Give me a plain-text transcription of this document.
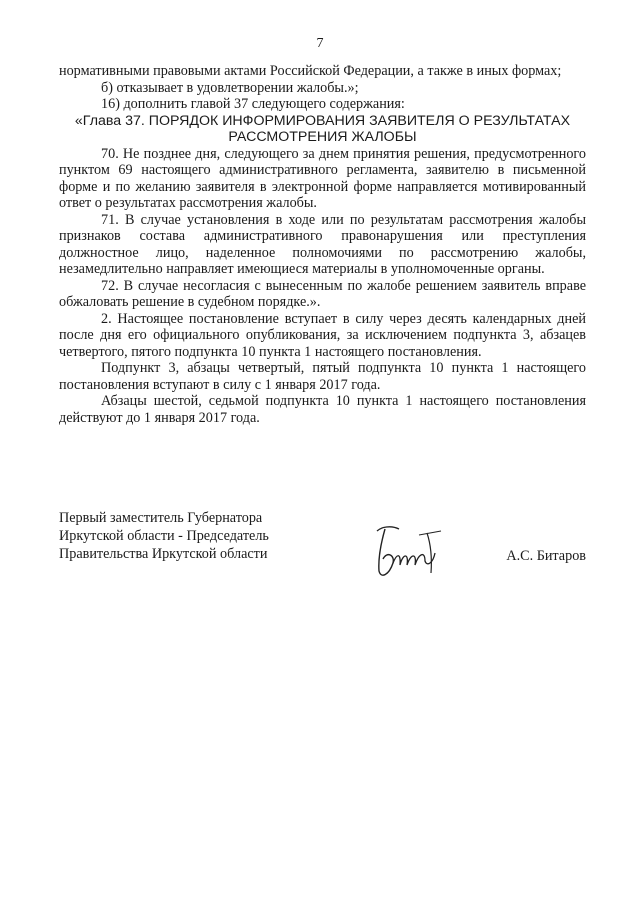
7

нормативными правовыми актами Российской Федерации, а также в иных формах;

б) отказывает в удовлетворении жалобы.»;

16) дополнить главой 37 следующего содержания:

«Глава 37. ПОРЯДОК ИНФОРМИРОВАНИЯ ЗАЯВИТЕЛЯ О РЕЗУЛЬТАТАХ РАССМОТРЕНИЯ ЖАЛОБЫ

70. Не позднее дня, следующего за днем принятия решения, предусмотренного пунктом 69 настоящего административного регламента, заявителю в письменной форме и по желанию заявителя в электронной форме направляется мотивированный ответ о результатах рассмотрения жалобы.

71. В случае установления в ходе или по результатам рассмотрения жалобы признаков состава административного правонарушения или преступления должностное лицо, наделенное полномочиями по рассмотрению жалобы, незамедлительно направляет имеющиеся материалы в уполномоченные органы.

72. В случае несогласия с вынесенным по жалобе решением заявитель вправе обжаловать решение в судебном порядке.».

2. Настоящее постановление вступает в силу через десять календарных дней после дня его официального опубликования, за исключением подпункта 3, абзацев четвертого, пятого подпункта 10 пункта 1 настоящего постановления.

Подпункт 3, абзацы четвертый, пятый подпункта 10 пункта 1 настоящего постановления вступают в силу с 1 января 2017 года.

Абзацы шестой, седьмой подпункта 10 пункта 1 настоящего постановления действуют до 1 января 2017 года.

Первый заместитель Губернатора
Иркутской области - Председатель
Правительства Иркутской области	А.С. Битаров
